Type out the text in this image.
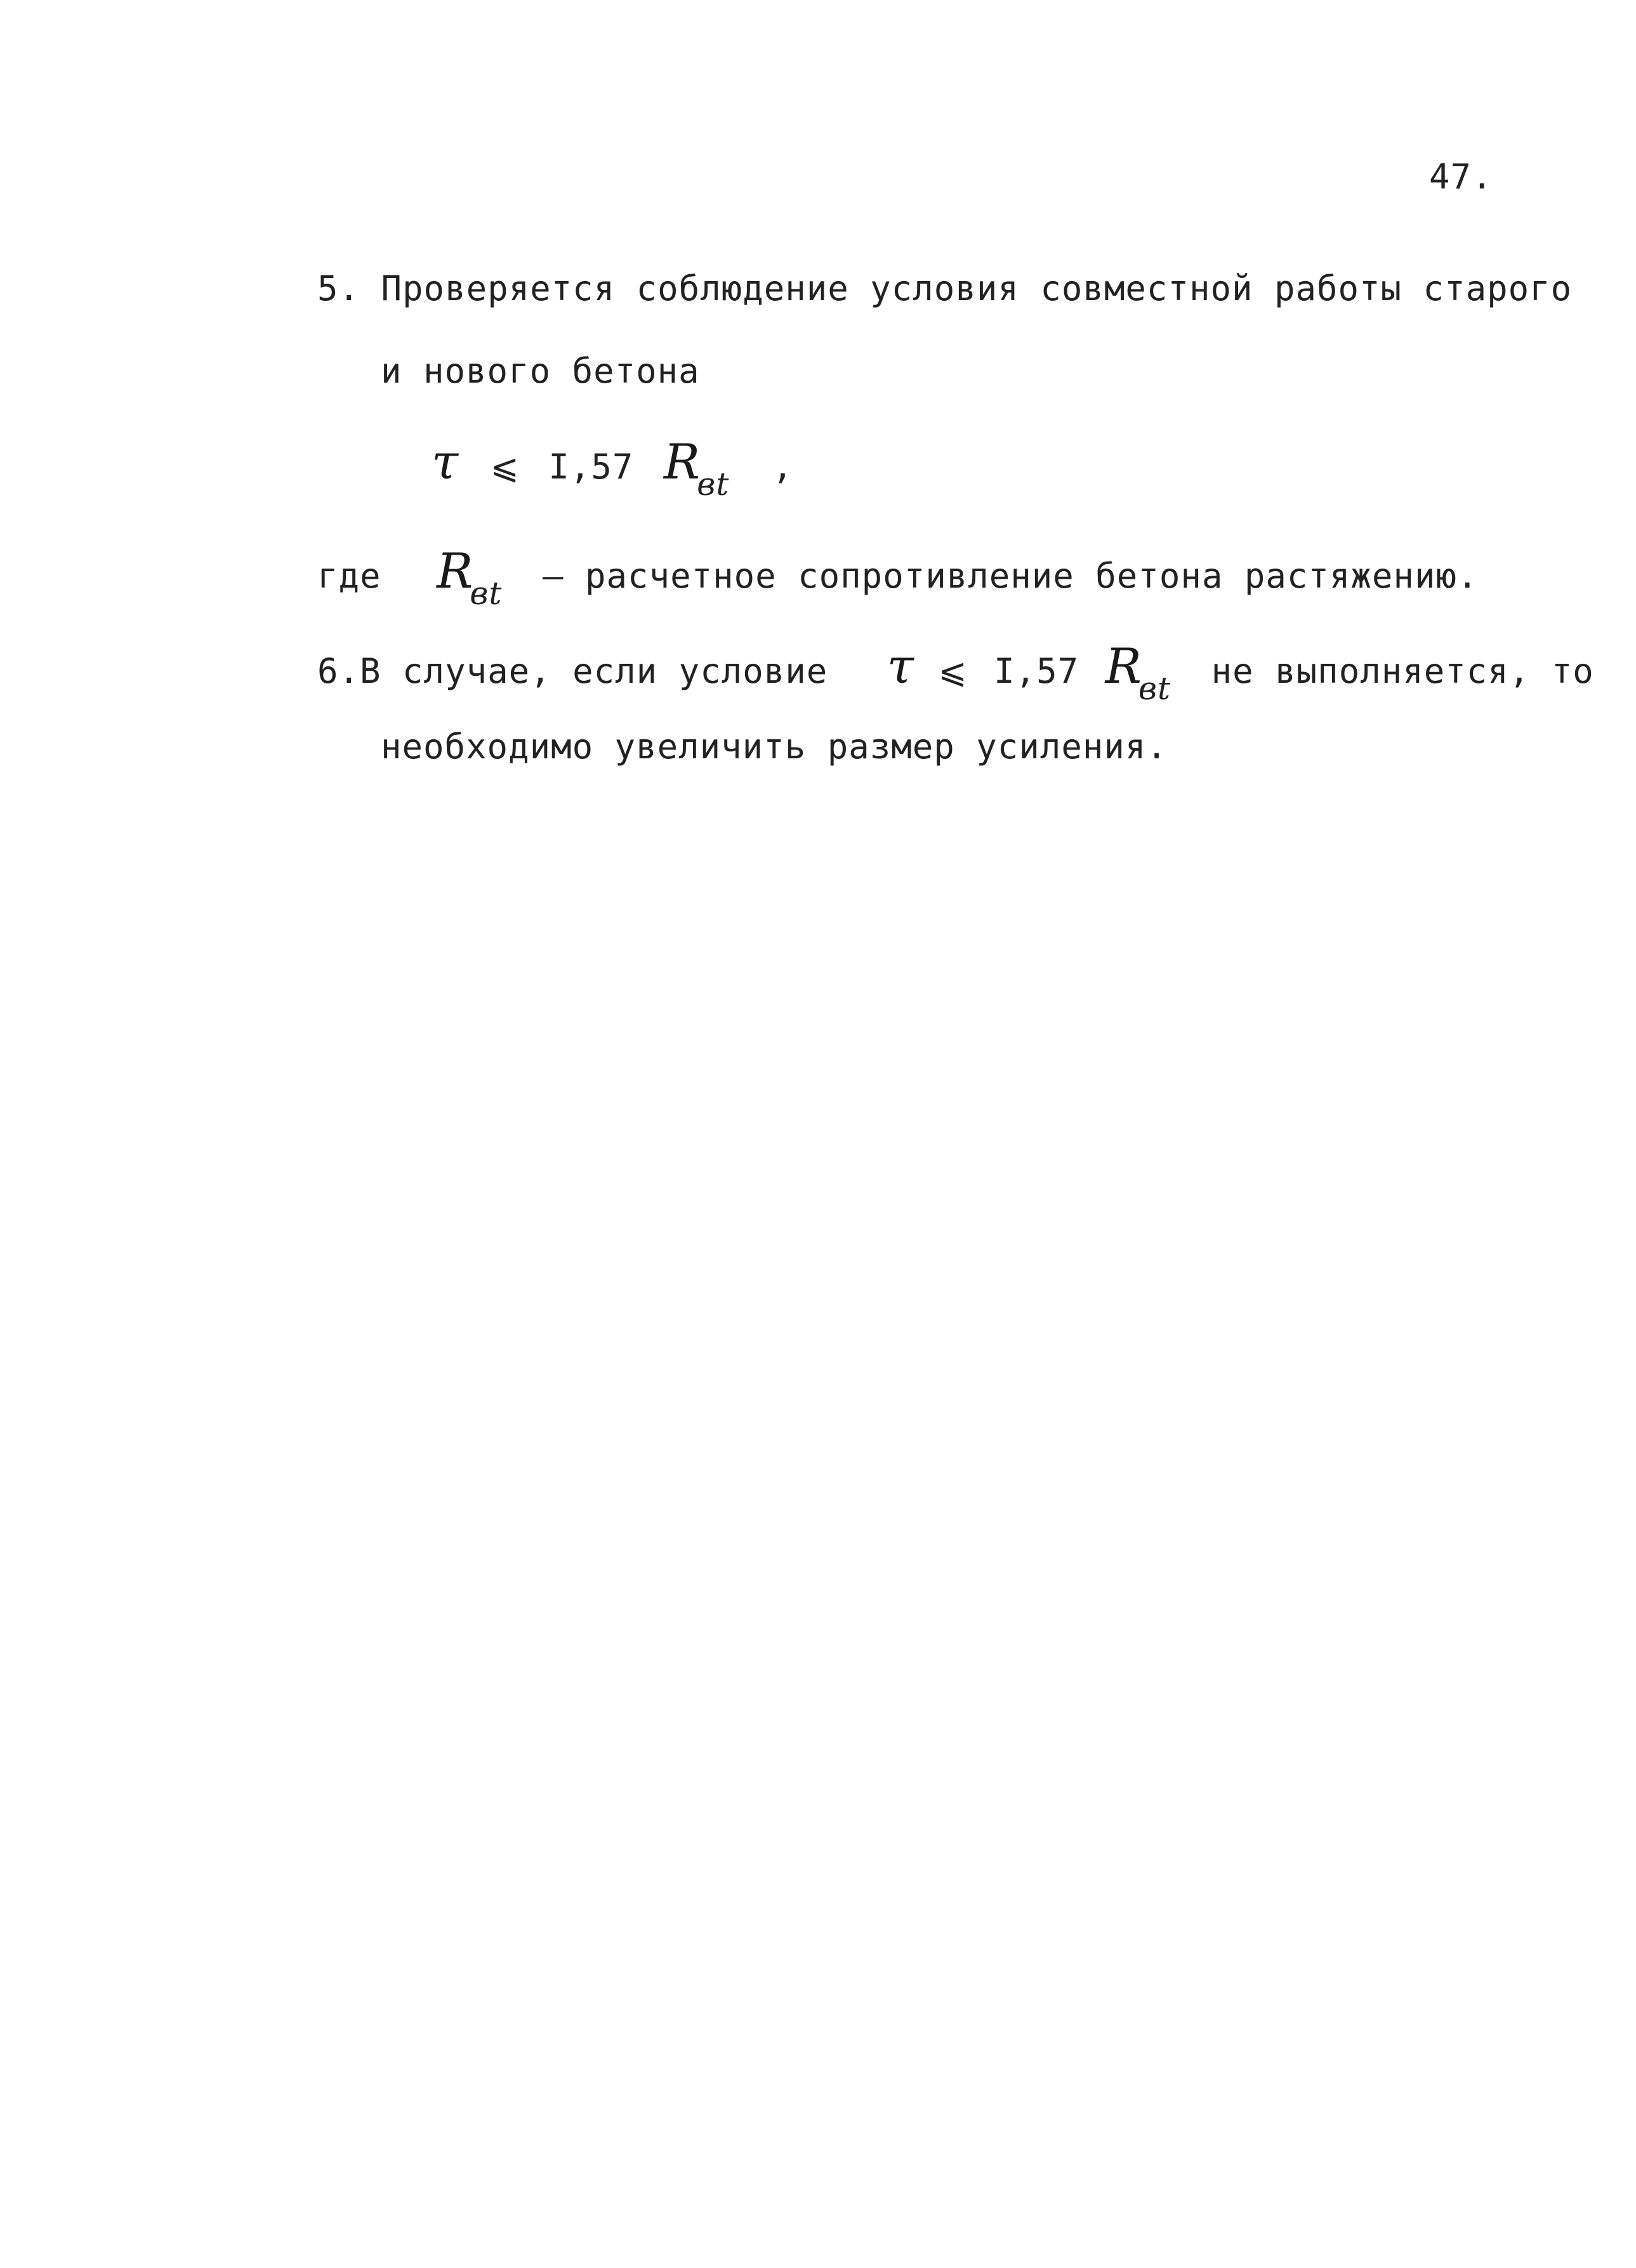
47.
5. Проверяется соблюдение условия совместной работы старого
и нового бетона
τ ⩽ I,57 Rвt ,
где Rвt – расчетное сопротивление бетона растяжению.
6.В случае, если условие τ ⩽ I,57 Rвt не выполняется, то
необходимо увеличить размер усиления.
